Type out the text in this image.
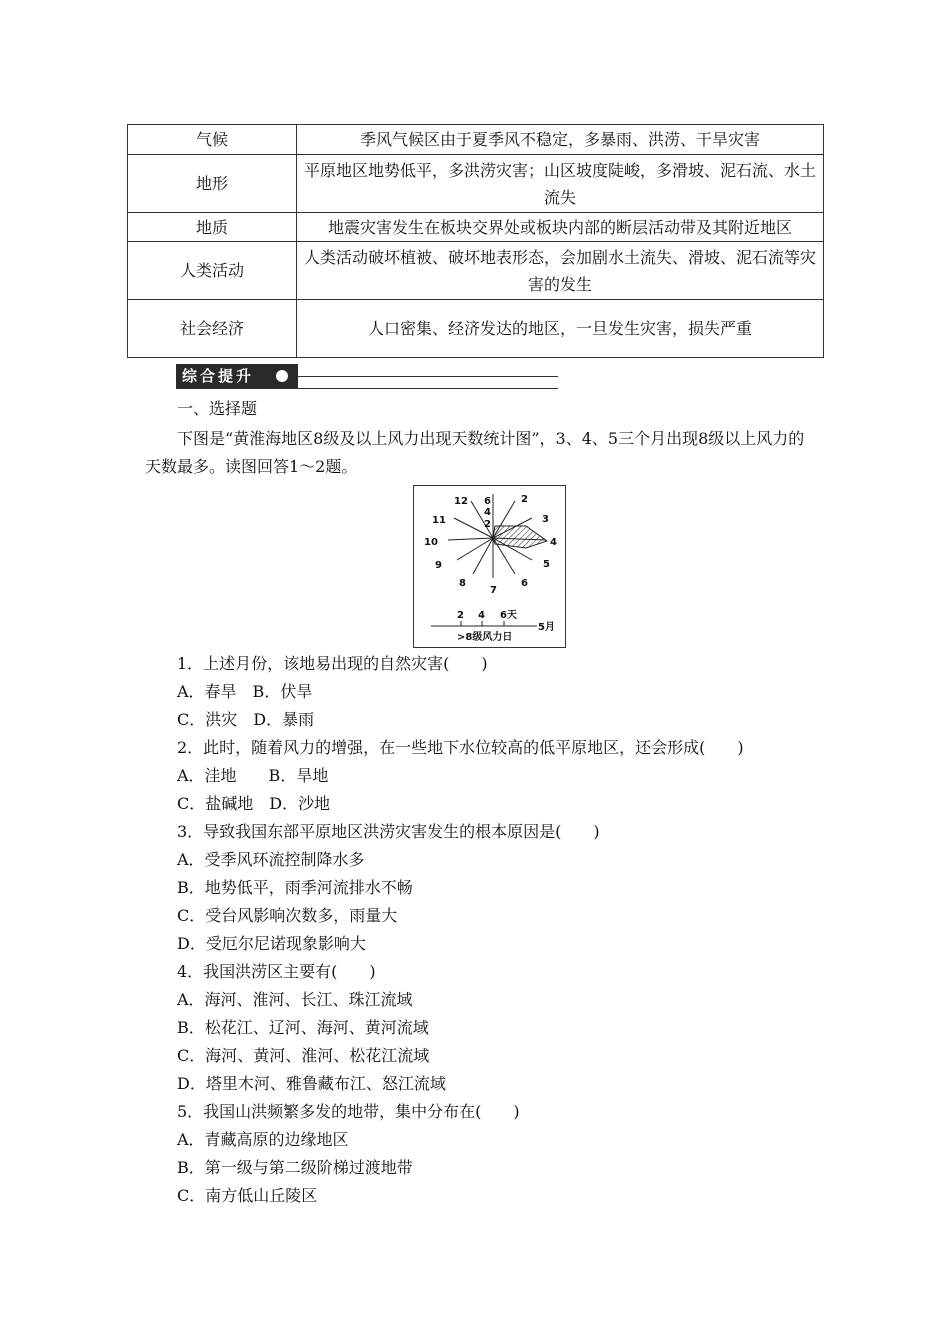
气候	季风气候区由于夏季风不稳定，多暴雨、洪涝、干旱灾害
地形	平原地区地势低平，多洪涝灾害；山区坡度陡峻，多滑坡、泥石流、水土流失
地质	地震灾害发生在板块交界处或板块内部的断层活动带及其附近地区
人类活动	人类活动破坏植被、破坏地表形态，会加剧水土流失、滑坡、泥石流等灾害的发生
社会经济	人口密集、经济发达的地区，一旦发生灾害，损失严重
综合提升
一、选择题
下图是“黄淮海地区8级及以上风力出现天数统计图”，3、4、5三个月出现8级以上风力的天数最多。读图回答1～2题。
12
11
10
9
8
7
6
5
4
3
2
6
4
2
2 4 6天
5月
>8级风力日
1．上述月份，该地易出现的自然灾害(　　)
A．春旱　B．伏旱
C．洪灾　D．暴雨
2．此时，随着风力的增强，在一些地下水位较高的低平原地区，还会形成(　　)
A．洼地　　B．旱地
C．盐碱地　D．沙地
3．导致我国东部平原地区洪涝灾害发生的根本原因是(　　)
A．受季风环流控制降水多
B．地势低平，雨季河流排水不畅
C．受台风影响次数多，雨量大
D．受厄尔尼诺现象影响大
4．我国洪涝区主要有(　　)
A．海河、淮河、长江、珠江流域
B．松花江、辽河、海河、黄河流域
C．海河、黄河、淮河、松花江流域
D．塔里木河、雅鲁藏布江、怒江流域
5．我国山洪频繁多发的地带，集中分布在(　　)
A．青藏高原的边缘地区
B．第一级与第二级阶梯过渡地带
C．南方低山丘陵区
